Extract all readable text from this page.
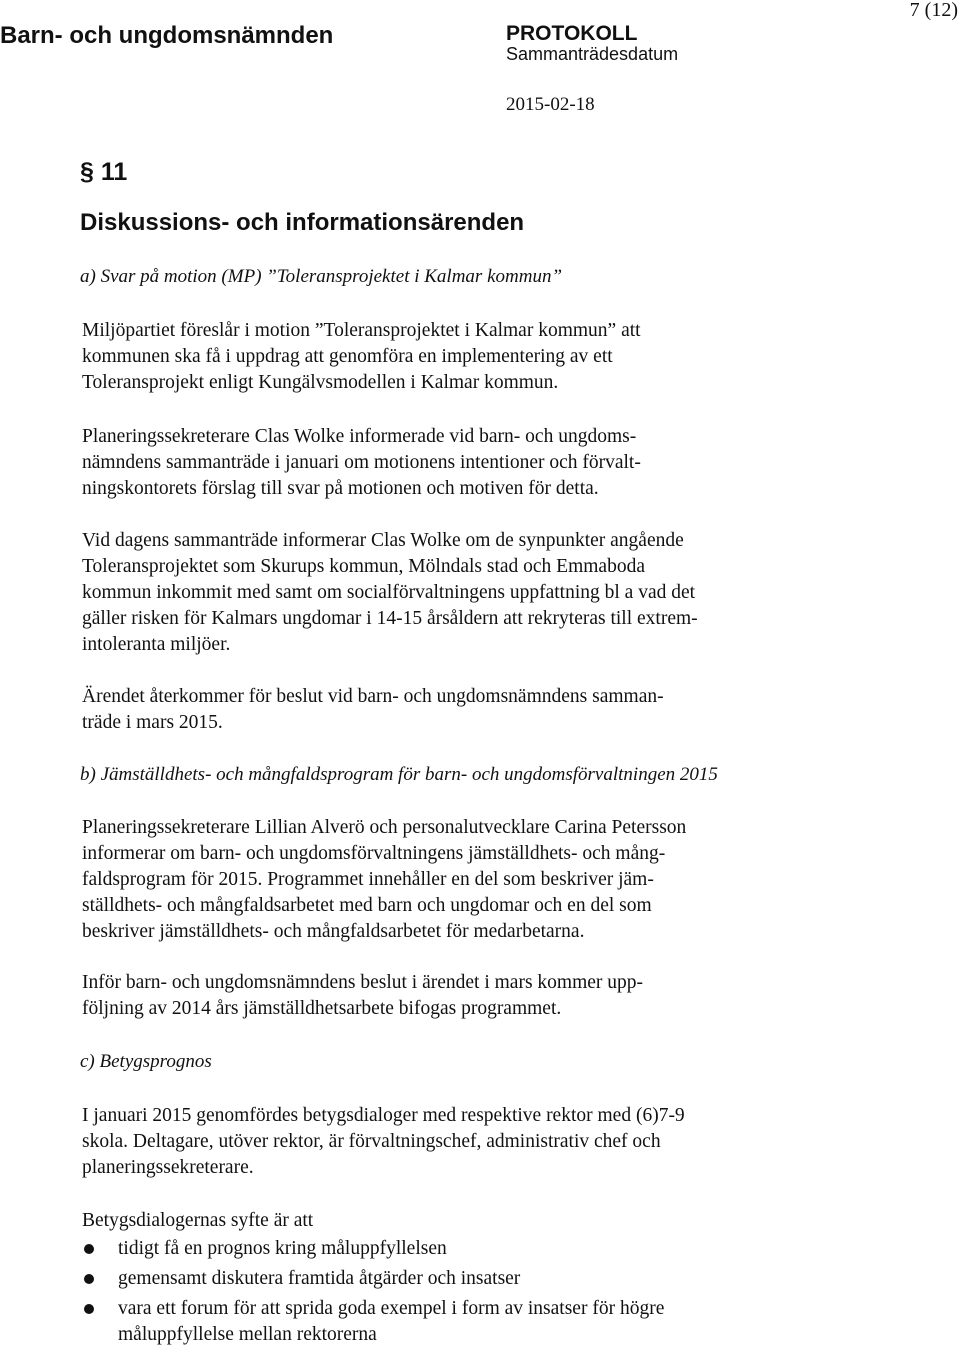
Barn- och ungdomsnämnden	PROTOKOLL
7 (12)
Sammanträdesdatum
2015-02-18
§ 11
Diskussions- och informationsärenden
a) Svar på motion (MP) ”Toleransprojektet i Kalmar kommun”
Miljöpartiet föreslår i motion ”Toleransprojektet i Kalmar kommun” att
kommunen ska få i uppdrag att genomföra en implementering av ett
Toleransprojekt enligt Kungälvsmodellen i Kalmar kommun.
Planeringssekreterare Clas Wolke informerade vid barn- och ungdoms-
nämndens sammanträde i januari om motionens intentioner och förvalt-
ningskontorets förslag till svar på motionen och motiven för detta.
Vid dagens sammanträde informerar Clas Wolke om de synpunkter angående
Toleransprojektet som Skurups kommun, Mölndals stad och Emmaboda
kommun inkommit med samt om socialförvaltningens uppfattning bl a vad det
gäller risken för Kalmars ungdomar i 14-15 årsåldern att rekryteras till extrem-
intoleranta miljöer.
Ärendet återkommer för beslut vid barn- och ungdomsnämndens samman-
träde i mars 2015.
b) Jämställdhets- och mångfaldsprogram för barn- och ungdomsförvaltningen 2015
Planeringssekreterare Lillian Alverö och personalutvecklare Carina Petersson
informerar om barn- och ungdomsförvaltningens jämställdhets- och mång-
faldsprogram för 2015. Programmet innehåller en del som beskriver jäm-
ställdhets- och mångfaldsarbetet med barn och ungdomar och en del som
beskriver jämställdhets- och mångfaldsarbetet för medarbetarna.
Inför barn- och ungdomsnämndens beslut i ärendet i mars kommer upp-
följning av 2014 års jämställdhetsarbete bifogas programmet.
c) Betygsprognos
I januari 2015 genomfördes betygsdialoger med respektive rektor med (6)7-9
skola. Deltagare, utöver rektor, är förvaltningschef, administrativ chef och
planeringssekreterare.
Betygsdialogernas syfte är att
tidigt få en prognos kring måluppfyllelsen
gemensamt diskutera framtida åtgärder och insatser
vara ett forum för att sprida goda exempel i form av insatser för högre
måluppfyllelse mellan rektorerna
